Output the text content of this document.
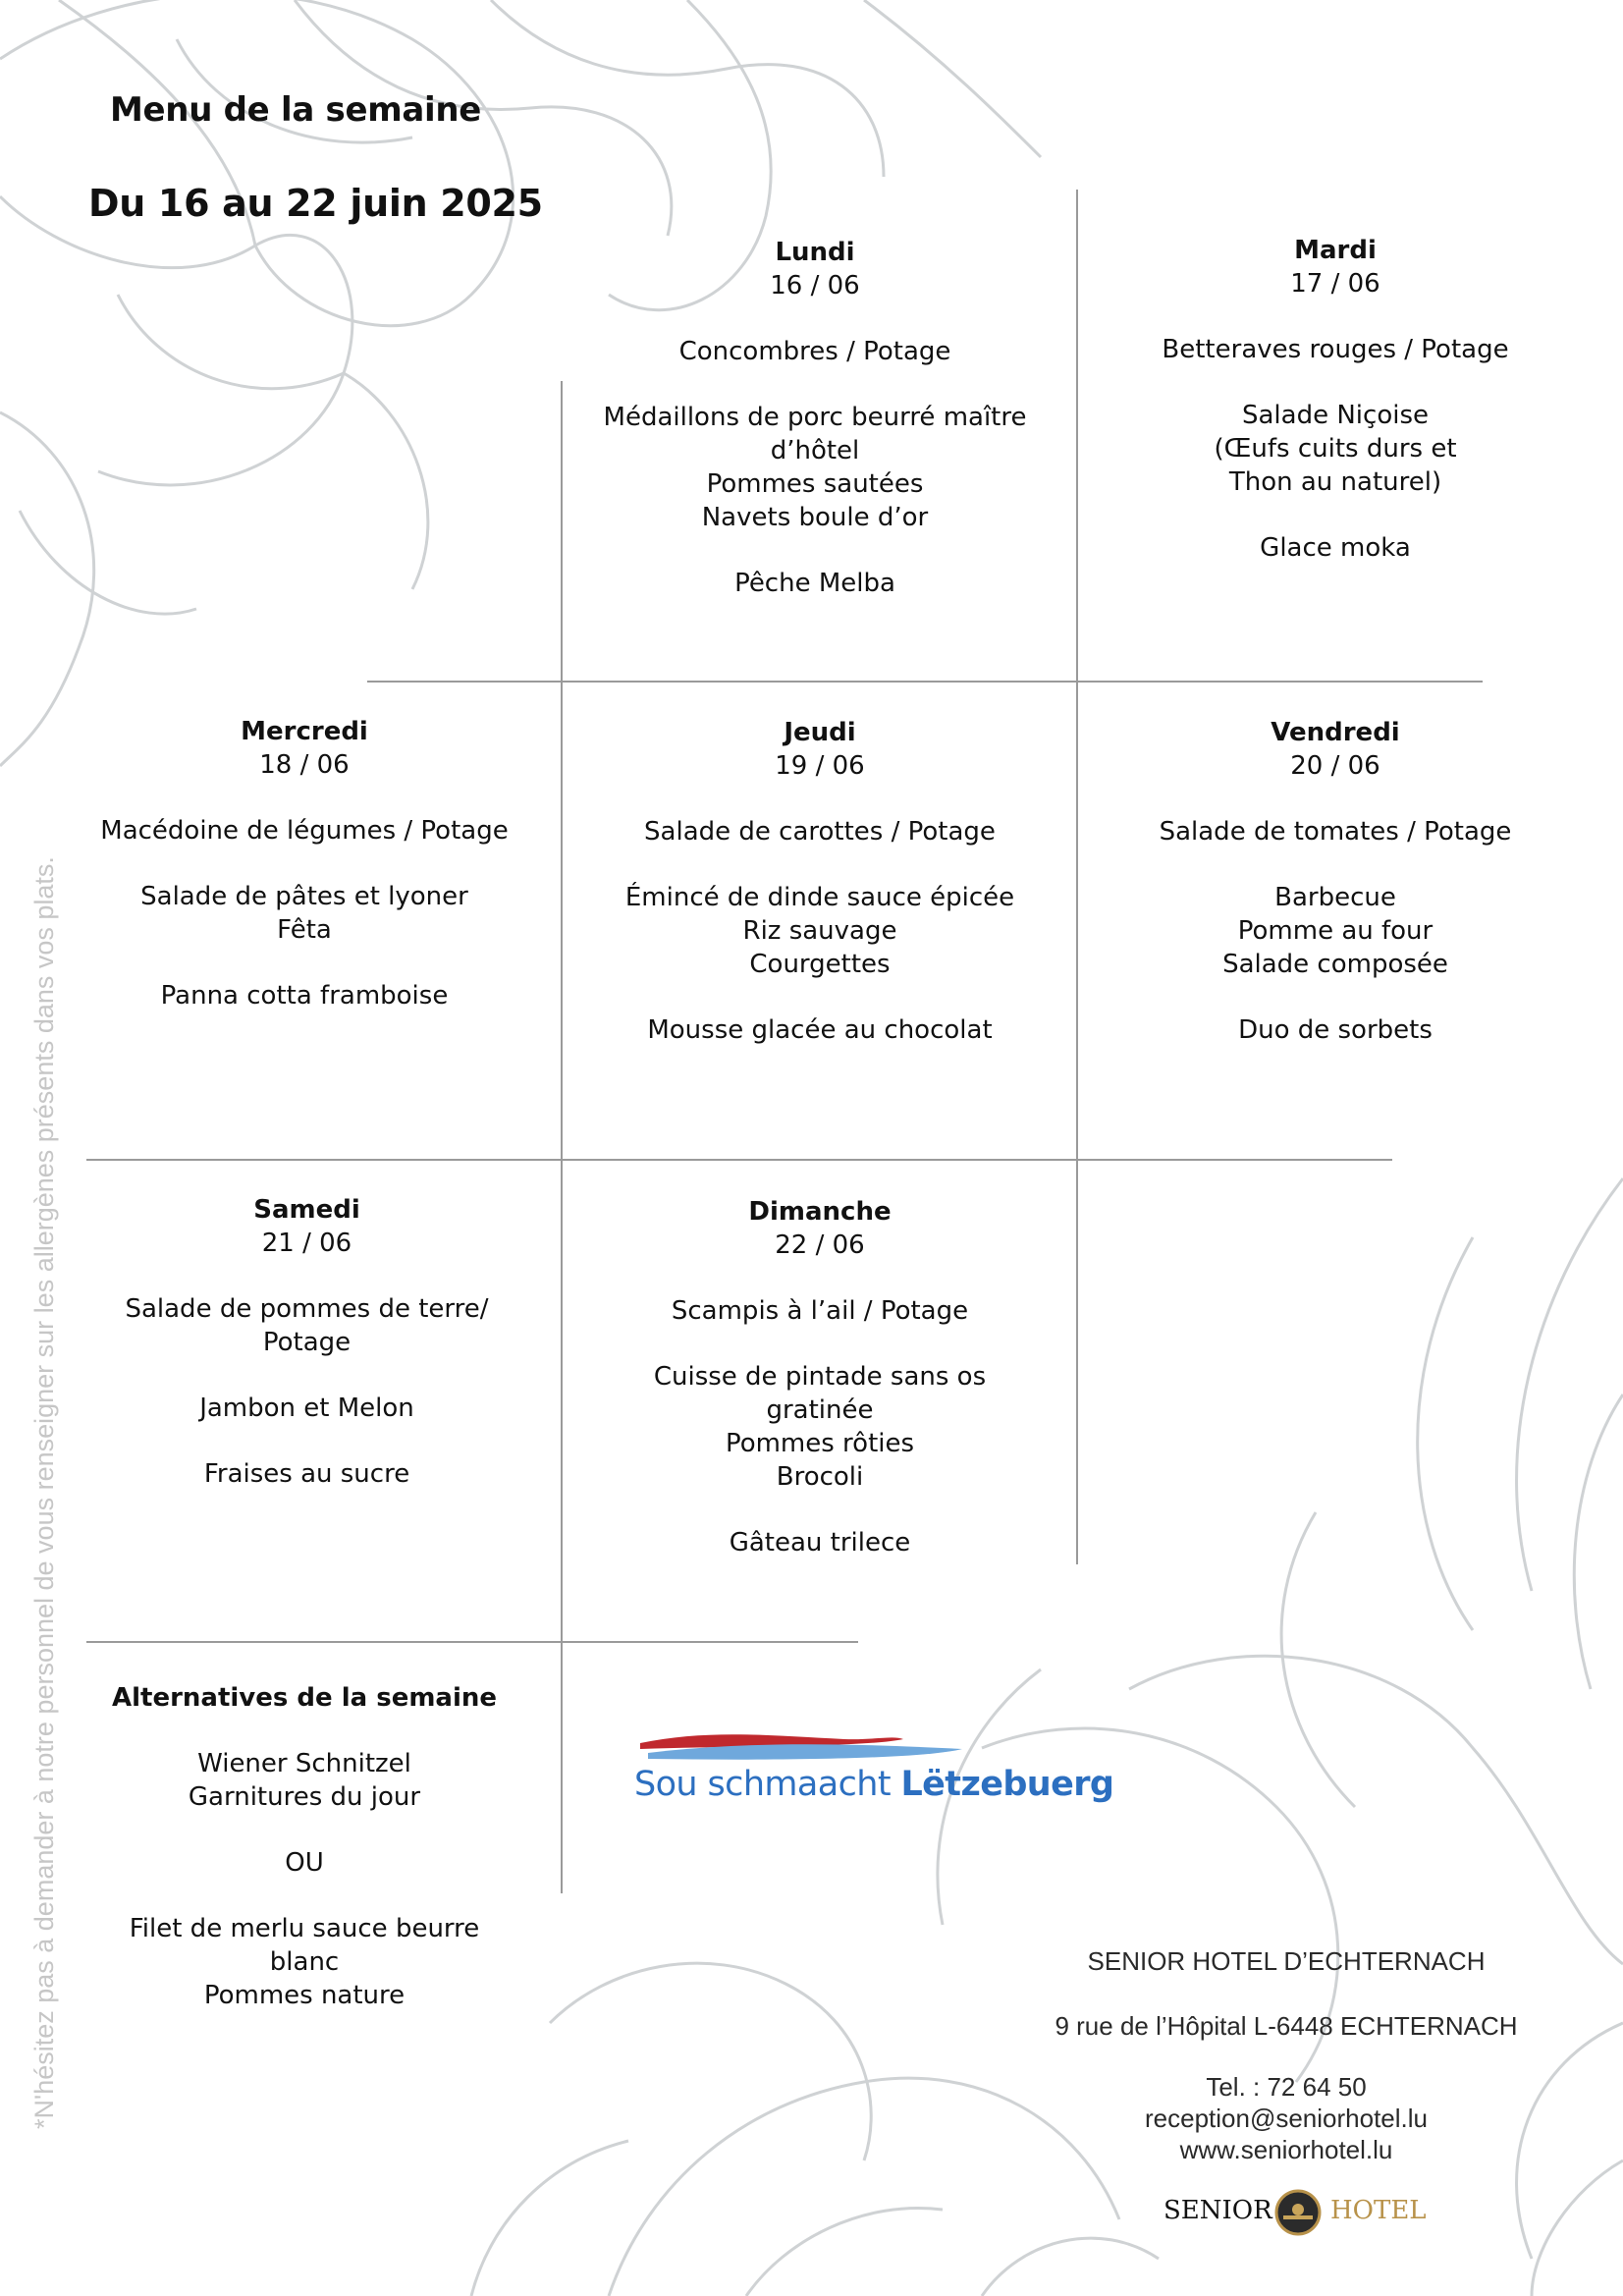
Menu de la semaine
Du 16 au 22 juin 2025
Lundi
16 / 06
Concombres / Potage
Médaillons de porc beurré maître
d’hôtel
Pommes sautées
Navets boule d’or
Pêche Melba
Mardi
17 / 06
Betteraves rouges / Potage
Salade Niçoise
(Œufs cuits durs et
Thon au naturel)
Glace moka
Mercredi
18 / 06
Macédoine de légumes / Potage
Salade de pâtes et lyoner
Fêta
Panna cotta framboise
Jeudi
19 / 06
Salade de carottes / Potage
Émincé de dinde sauce épicée
Riz sauvage
Courgettes
Mousse glacée au chocolat
Vendredi
20 / 06
Salade de tomates / Potage
Barbecue
Pomme au four
Salade composée
Duo de sorbets
Samedi
21 / 06
Salade de pommes de terre/
Potage
Jambon et Melon
Fraises au sucre
Dimanche
22 / 06
Scampis à l’ail / Potage
Cuisse de pintade sans os
gratinée
Pommes rôties
Brocoli
Gâteau trilece
Alternatives de la semaine
Wiener Schnitzel
Garnitures du jour
OU
Filet de merlu sauce beurre
blanc
Pommes nature
Sou schmaacht Lëtzebuerg
*N'hésitez pas à demander à notre personnel de vous renseigner sur les allergènes présents dans vos plats.	SENIOR HOTEL D’ECHTERNACH
9 rue de l’Hôpital L-6448 ECHTERNACH
Tel. : 72 64 50
reception@seniorhotel.lu
www.seniorhotel.lu
SENIOR HOTEL
